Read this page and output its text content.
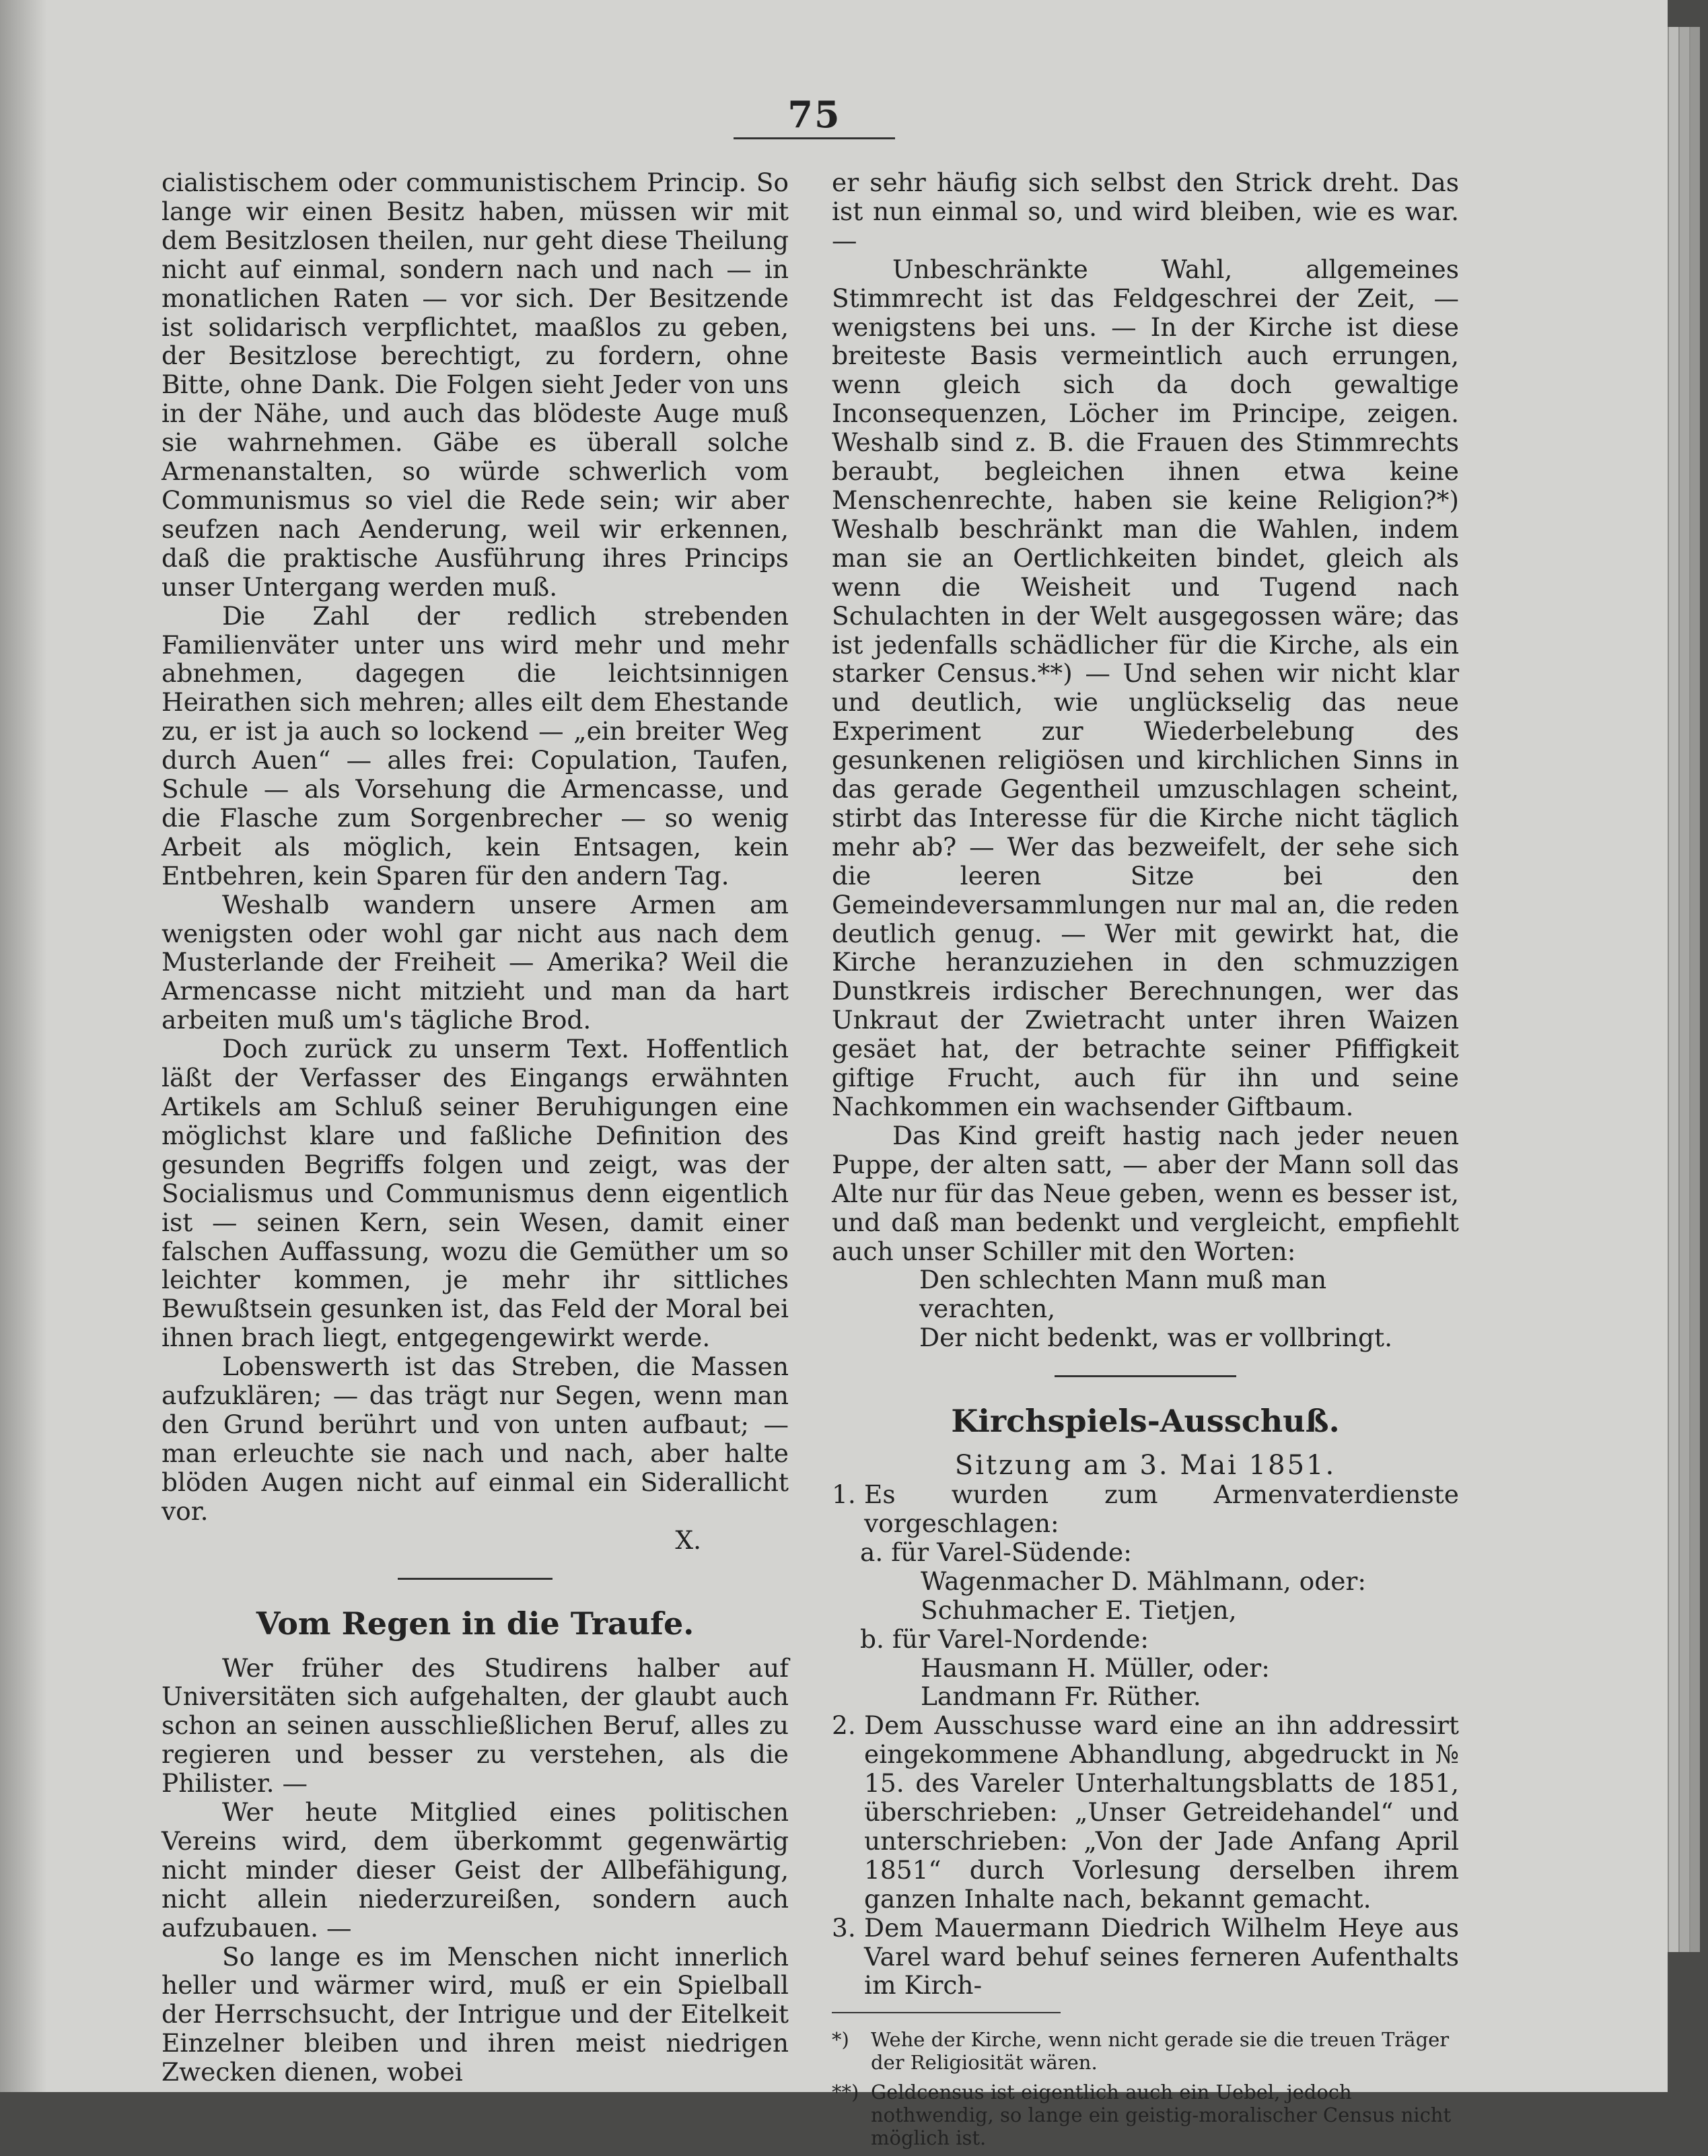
75

cialistischem oder communistischem Princip. So lange wir einen Besitz haben, müssen wir mit dem Besitzlosen theilen, nur geht diese Theilung nicht auf einmal, sondern nach und nach — in monatlichen Raten — vor sich. Der Besitzende ist solidarisch verpflichtet, maaßlos zu geben, der Besitzlose berechtigt, zu fordern, ohne Bitte, ohne Dank. Die Folgen sieht Jeder von uns in der Nähe, und auch das blödeste Auge muß sie wahrnehmen. Gäbe es überall solche Armenanstalten, so würde schwerlich vom Communismus so viel die Rede sein; wir aber seufzen nach Aenderung, weil wir erkennen, daß die praktische Ausführung ihres Princips unser Untergang werden muß.

Die Zahl der redlich strebenden Familienväter unter uns wird mehr und mehr abnehmen, dagegen die leichtsinnigen Heirathen sich mehren; alles eilt dem Ehestande zu, er ist ja auch so lockend — „ein breiter Weg durch Auen“ — alles frei: Copulation, Taufen, Schule — als Vorsehung die Armencasse, und die Flasche zum Sorgenbrecher — so wenig Arbeit als möglich, kein Entsagen, kein Entbehren, kein Sparen für den andern Tag.

Weshalb wandern unsere Armen am wenigsten oder wohl gar nicht aus nach dem Musterlande der Freiheit — Amerika? Weil die Armencasse nicht mitzieht und man da hart arbeiten muß um's tägliche Brod.

Doch zurück zu unserm Text. Hoffentlich läßt der Verfasser des Eingangs erwähnten Artikels am Schluß seiner Beruhigungen eine möglichst klare und faßliche Definition des gesunden Begriffs folgen und zeigt, was der Socialismus und Communismus denn eigentlich ist — seinen Kern, sein Wesen, damit einer falschen Auffassung, wozu die Gemüther um so leichter kommen, je mehr ihr sittliches Bewußtsein gesunken ist, das Feld der Moral bei ihnen brach liegt, entgegengewirkt werde.

Lobenswerth ist das Streben, die Massen aufzuklären; — das trägt nur Segen, wenn man den Grund berührt und von unten aufbaut; — man erleuchte sie nach und nach, aber halte blöden Augen nicht auf einmal ein Siderallicht vor.

X.
Vom Regen in die Traufe.

Wer früher des Studirens halber auf Universitäten sich aufgehalten, der glaubt auch schon an seinen ausschließlichen Beruf, alles zu regieren und besser zu verstehen, als die Philister. —

Wer heute Mitglied eines politischen Vereins wird, dem überkommt gegenwärtig nicht minder dieser Geist der Allbefähigung, nicht allein niederzureißen, sondern auch aufzubauen. —

So lange es im Menschen nicht innerlich heller und wärmer wird, muß er ein Spielball der Herrschsucht, der Intrigue und der Eitelkeit Einzelner bleiben und ihren meist niedrigen Zwecken dienen, wobei

er sehr häufig sich selbst den Strick dreht. Das ist nun einmal so, und wird bleiben, wie es war. —

Unbeschränkte Wahl, allgemeines Stimmrecht ist das Feldgeschrei der Zeit, — wenigstens bei uns. — In der Kirche ist diese breiteste Basis vermeintlich auch errungen, wenn gleich sich da doch gewaltige Inconsequenzen, Löcher im Principe, zeigen. Weshalb sind z. B. die Frauen des Stimmrechts beraubt, begleichen ihnen etwa keine Menschenrechte, haben sie keine Religion?*) Weshalb beschränkt man die Wahlen, indem man sie an Oertlichkeiten bindet, gleich als wenn die Weisheit und Tugend nach Schulachten in der Welt ausgegossen wäre; das ist jedenfalls schädlicher für die Kirche, als ein starker Census.**) — Und sehen wir nicht klar und deutlich, wie unglückselig das neue Experiment zur Wiederbelebung des gesunkenen religiösen und kirchlichen Sinns in das gerade Gegentheil umzuschlagen scheint, stirbt das Interesse für die Kirche nicht täglich mehr ab? — Wer das bezweifelt, der sehe sich die leeren Sitze bei den Gemeindeversammlungen nur mal an, die reden deutlich genug. — Wer mit gewirkt hat, die Kirche heranzuziehen in den schmuzzigen Dunstkreis irdischer Berechnungen, wer das Unkraut der Zwietracht unter ihren Waizen gesäet hat, der betrachte seiner Pfiffigkeit giftige Frucht, auch für ihn und seine Nachkommen ein wachsender Giftbaum.

Das Kind greift hastig nach jeder neuen Puppe, der alten satt, — aber der Mann soll das Alte nur für das Neue geben, wenn es besser ist, und daß man bedenkt und vergleicht, empfiehlt auch unser Schiller mit den Worten:

Den schlechten Mann muß man verachten,

Der nicht bedenkt, was er vollbringt.

Kirchspiels-Ausschuß.
Sitzung am 3. Mai 1851.
1. Es wurden zum Armenvaterdienste vorgeschlagen:
a. für Varel-Südende:
Wagenmacher D. Mählmann, oder:
Schuhmacher E. Tietjen,
b. für Varel-Nordende:
Hausmann H. Müller, oder:
Landmann Fr. Rüther.
2. Dem Ausschusse ward eine an ihn addressirt eingekommene Abhandlung, abgedruckt in № 15. des Vareler Unterhaltungsblatts de 1851, überschrieben: „Unser Getreidehandel“ und unterschrieben: „Von der Jade Anfang April 1851“ durch Vorlesung derselben ihrem ganzen Inhalte nach, bekannt gemacht.
3. Dem Mauermann Diedrich Wilhelm Heye aus Varel ward behuf seines ferneren Aufenthalts im Kirch-
*)	Wehe der Kirche, wenn nicht gerade sie die treuen Träger der Religiosität wären.
**) Geldcensus ist eigentlich auch ein Uebel, jedoch nothwendig, so lange ein geistig-moralischer Census nicht möglich ist.
